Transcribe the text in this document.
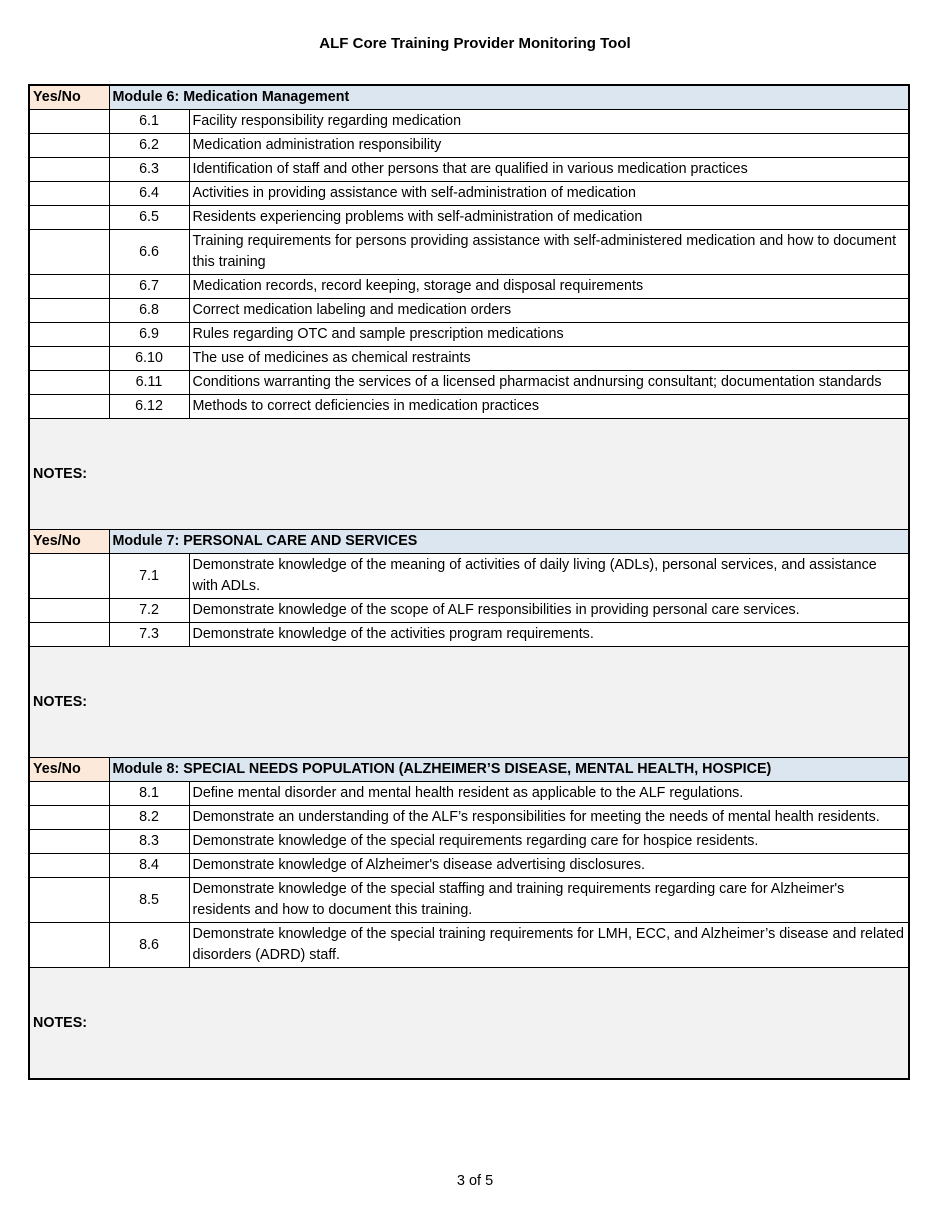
ALF Core Training Provider Monitoring Tool
Yes/No	Module 6: Medication Management	
	6.1	Facility responsibility regarding medication
	6.2	Medication administration responsibility
	6.3	Identification of staff and other persons that are qualified in various medication practices
	6.4	Activities in providing assistance with self-administration of medication
	6.5	Residents experiencing problems with self-administration of medication
	6.6	Training requirements for persons providing assistance with self-administered medication and how to document this training
	6.7	Medication records, record keeping, storage and disposal requirements
	6.8	Correct medication labeling and medication orders
	6.9	Rules regarding OTC and sample prescription medications
	6.10	The use of medicines as chemical restraints
	6.11	Conditions warranting the services of a licensed pharmacist andnursing consultant; documentation standards
	6.12	Methods to correct deficiencies in medication practices
NOTES:		
Yes/No	Module 7: PERSONAL CARE AND SERVICES	
	7.1	Demonstrate knowledge of the meaning of activities of daily living (ADLs), personal services, and assistance with ADLs.
	7.2	Demonstrate knowledge of the scope of ALF responsibilities in providing personal care services.
	7.3	Demonstrate knowledge of the activities program requirements.
NOTES:		
Yes/No	Module 8: SPECIAL NEEDS POPULATION (ALZHEIMER’S DISEASE, MENTAL HEALTH, HOSPICE)	
	8.1	Define mental disorder and mental health resident as applicable to the ALF regulations.
	8.2	Demonstrate an understanding of the ALF’s responsibilities for meeting the needs of mental health residents.
	8.3	Demonstrate knowledge of the special requirements regarding care for hospice residents.
	8.4	Demonstrate knowledge of Alzheimer's disease advertising disclosures.
	8.5	Demonstrate knowledge of the special staffing and training requirements regarding care for Alzheimer's residents and how to document this training.
	8.6	Demonstrate knowledge of the special training requirements for LMH, ECC, and Alzheimer’s disease and related disorders (ADRD) staff.
NOTES:		
3 of 5
